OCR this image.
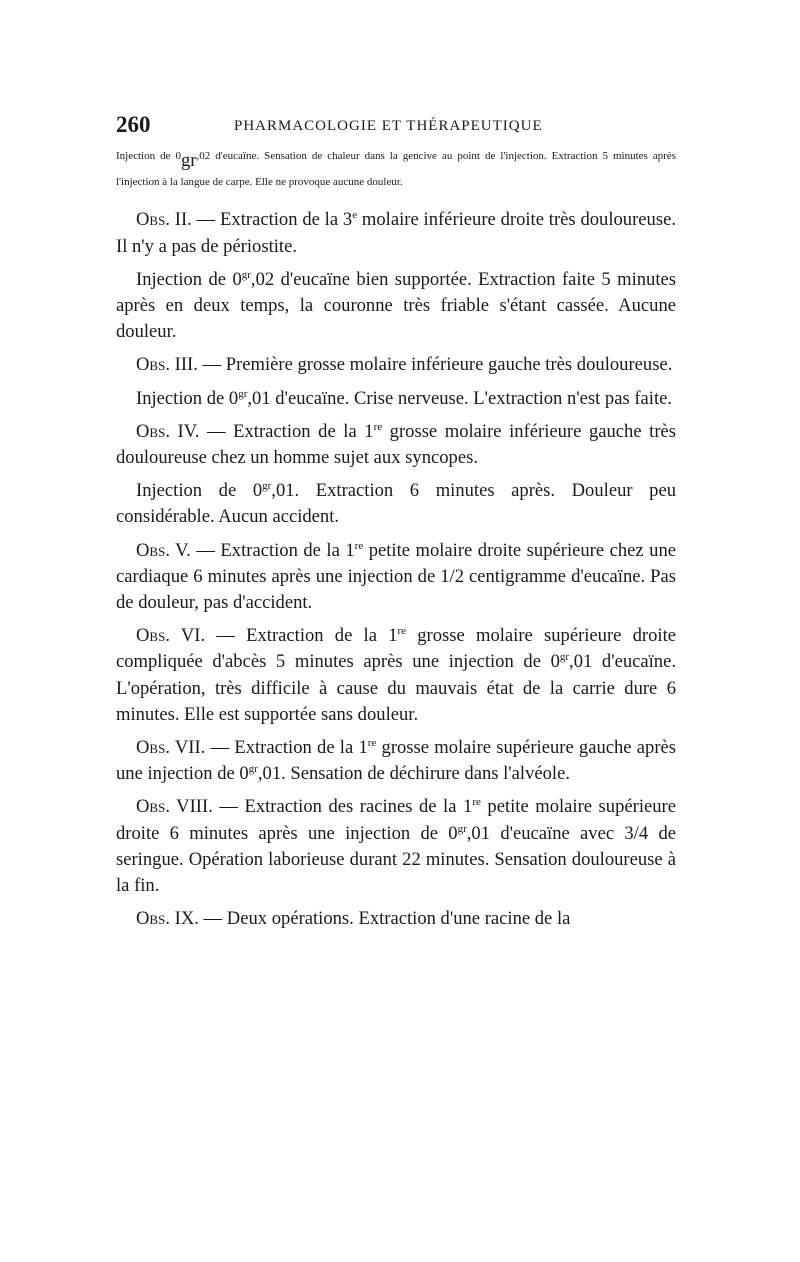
260	PHARMACOLOGIE ET THÉRAPEUTIQUE

$^{Injection de 0}gr^{,02 d'eucaïne. Sensation de chaleur dans la gencive au point de l'injection. Extraction 5 minutes après l'injection à la langue de carpe. Elle ne provoque aucune douleur.}$

Obs. II. — Extraction de la 3e molaire inférieure droite très douloureuse. Il n'y a pas de périostite.

Injection de $0^{gr},02$ d'eucaïne bien supportée. Extraction faite 5 minutes après en deux temps, la couronne très friable s'étant cassée. Aucune douleur.

Obs. III. — Première grosse molaire inférieure gauche très douloureuse.

Injection de $0^{gr},01$ d'eucaïne. Crise nerveuse. L'extraction n'est pas faite.

Obs. IV. — Extraction de la 1re grosse molaire inférieure gauche très douloureuse chez un homme sujet aux syncopes.

Injection de $0^{gr},01$. Extraction 6 minutes après. Douleur peu considérable. Aucun accident.

Obs. V. — Extraction de la 1re petite molaire droite supérieure chez une cardiaque 6 minutes après une injection de 1/2 centigramme d'eucaïne. Pas de douleur, pas d'accident.

Obs. VI. — Extraction de la 1re grosse molaire supérieure droite compliquée d'abcès 5 minutes après une injection de $0^{gr},01$ d'eucaïne. L'opération, très difficile à cause du mauvais état de la carrie dure 6 minutes. Elle est supportée sans douleur.

Obs. VII. — Extraction de la 1re grosse molaire supérieure gauche après une injection de $0^{gr},01$. Sensation de déchirure dans l'alvéole.

Obs. VIII. — Extraction des racines de la 1re petite molaire supérieure droite 6 minutes après une injection de $0^{gr},01$ d'eucaïne avec 3/4 de seringue. Opération laborieuse durant 22 minutes. Sensation douloureuse à la fin.

Obs. IX. — Deux opérations. Extraction d'une racine de la
